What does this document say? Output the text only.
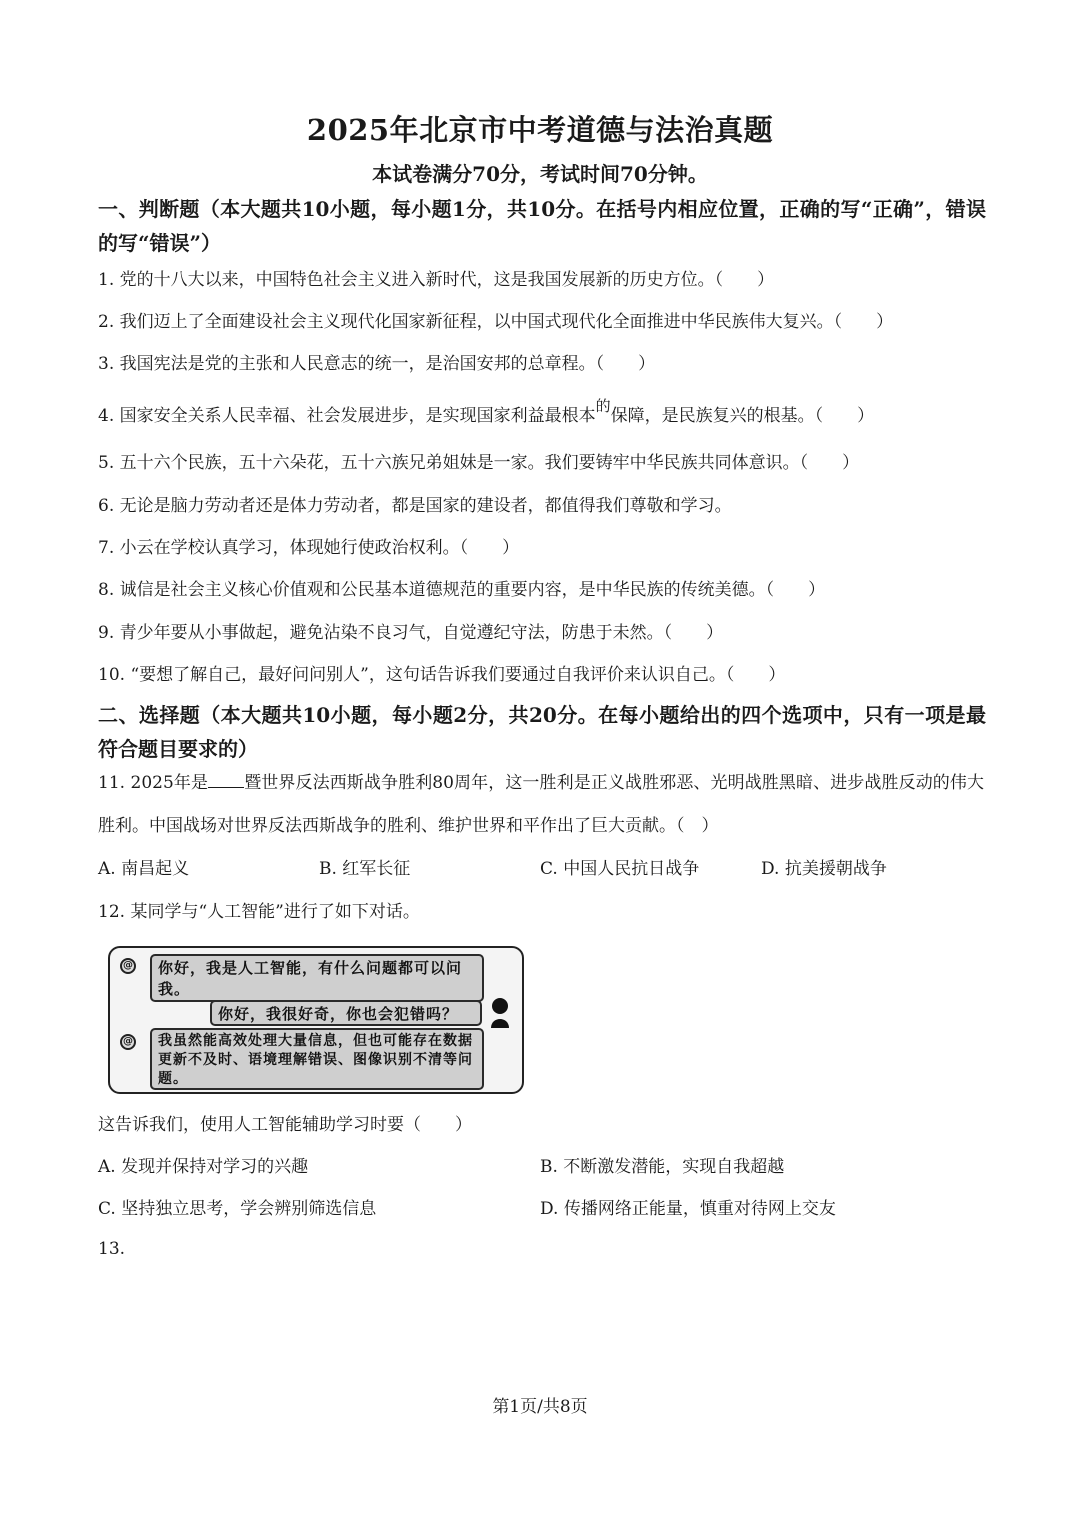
2025年北京市中考道德与法治真题
本试卷满分70分，考试时间70分钟。
一、判断题（本大题共10小题，每小题1分，共10分。在括号内相应位置，正确的写“正确”，错误的写“错误”）
1. 党的十八大以来，中国特色社会主义进入新时代，这是我国发展新的历史方位。（　　）
2. 我们迈上了全面建设社会主义现代化国家新征程，以中国式现代化全面推进中华民族伟大复兴。（　　）
3. 我国宪法是党的主张和人民意志的统一，是治国安邦的总章程。（　　）
4. 国家安全关系人民幸福、社会发展进步，是实现国家利益最根本的保障，是民族复兴的根基。（　　）
5. 五十六个民族，五十六朵花，五十六族兄弟姐妹是一家。我们要铸牢中华民族共同体意识。（　　）
6. 无论是脑力劳动者还是体力劳动者，都是国家的建设者，都值得我们尊敬和学习。
7. 小云在学校认真学习，体现她行使政治权利。（　　）
8. 诚信是社会主义核心价值观和公民基本道德规范的重要内容，是中华民族的传统美德。（　　）
9. 青少年要从小事做起，避免沾染不良习气，自觉遵纪守法，防患于未然。（　　）
10. “要想了解自己，最好问问别人”，这句话告诉我们要通过自我评价来认识自己。（　　）
二、选择题（本大题共10小题，每小题2分，共20分。在每小题给出的四个选项中，只有一项是最符合题目要求的）
11. 2025年是 暨世界反法西斯战争胜利80周年，这一胜利是正义战胜邪恶、光明战胜黑暗、进步战胜反动的伟大胜利。中国战场对世界反法西斯战争的胜利、维护世界和平作出了巨大贡献。（　）
A. 南昌起义	B. 红军长征	C. 中国人民抗日战争	D. 抗美援朝战争
12. 某同学与“人工智能”进行了如下对话。
@	你好，我是人工智能，有什么问题都可以问我。
你好，我很好奇，你也会犯错吗？
@	我虽然能高效处理大量信息，但也可能存在数据更新不及时、语境理解错误、图像识别不清等问题。
这告诉我们，使用人工智能辅助学习时要（　　）
A. 发现并保持对学习的兴趣	B. 不断激发潜能，实现自我超越
C. 坚持独立思考，学会辨别筛选信息	D. 传播网络正能量，慎重对待网上交友
13.
第1页/共8页
